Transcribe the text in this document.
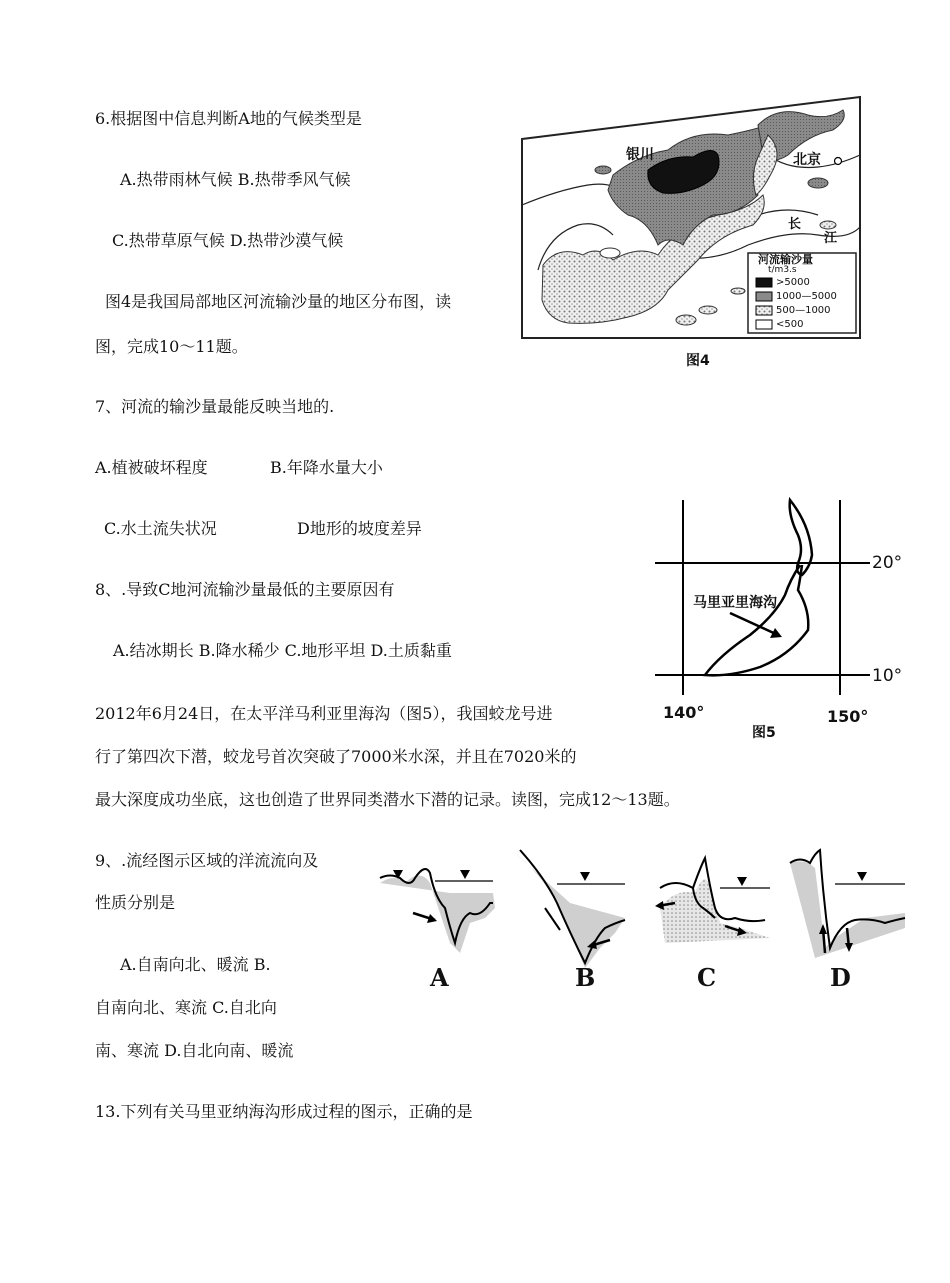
6.根据图中信息判断A地的气候类型是
A.热带雨林气候 B.热带季风气候
C.热带草原气候 D.热带沙漠气候
图4是我国局部地区河流输沙量的地区分布图，读
图，完成10～11题。
7、河流的输沙量最能反映当地的.
A.植被破坏程度	B.年降水量大小
C.水土流失状况	D地形的坡度差异
8、.导致C地河流输沙量最低的主要原因有
A.结冰期长 B.降水稀少 C.地形平坦 D.土质黏重
2012年6月24日，在太平洋马利亚里海沟（图5），我国蛟龙号进
行了第四次下潜，蛟龙号首次突破了7000米水深，并且在7020米的
最大深度成功坐底，这也创造了世界同类潜水下潜的记录。读图，完成12～13题。
9、.流经图示区域的洋流流向及
性质分别是
A.自南向北、暖流 B.
自南向北、寒流 C.自北向
南、寒流 D.自北向南、暖流
13.下列有关马里亚纳海沟形成过程的图示，正确的是
银川	北京
长
江
河流输沙量
t/m3.s
>5000
1000—5000
500—1000
<500
图4
马里亚里海沟
20°
10°
140°	150°
图5
A	B	C	D
